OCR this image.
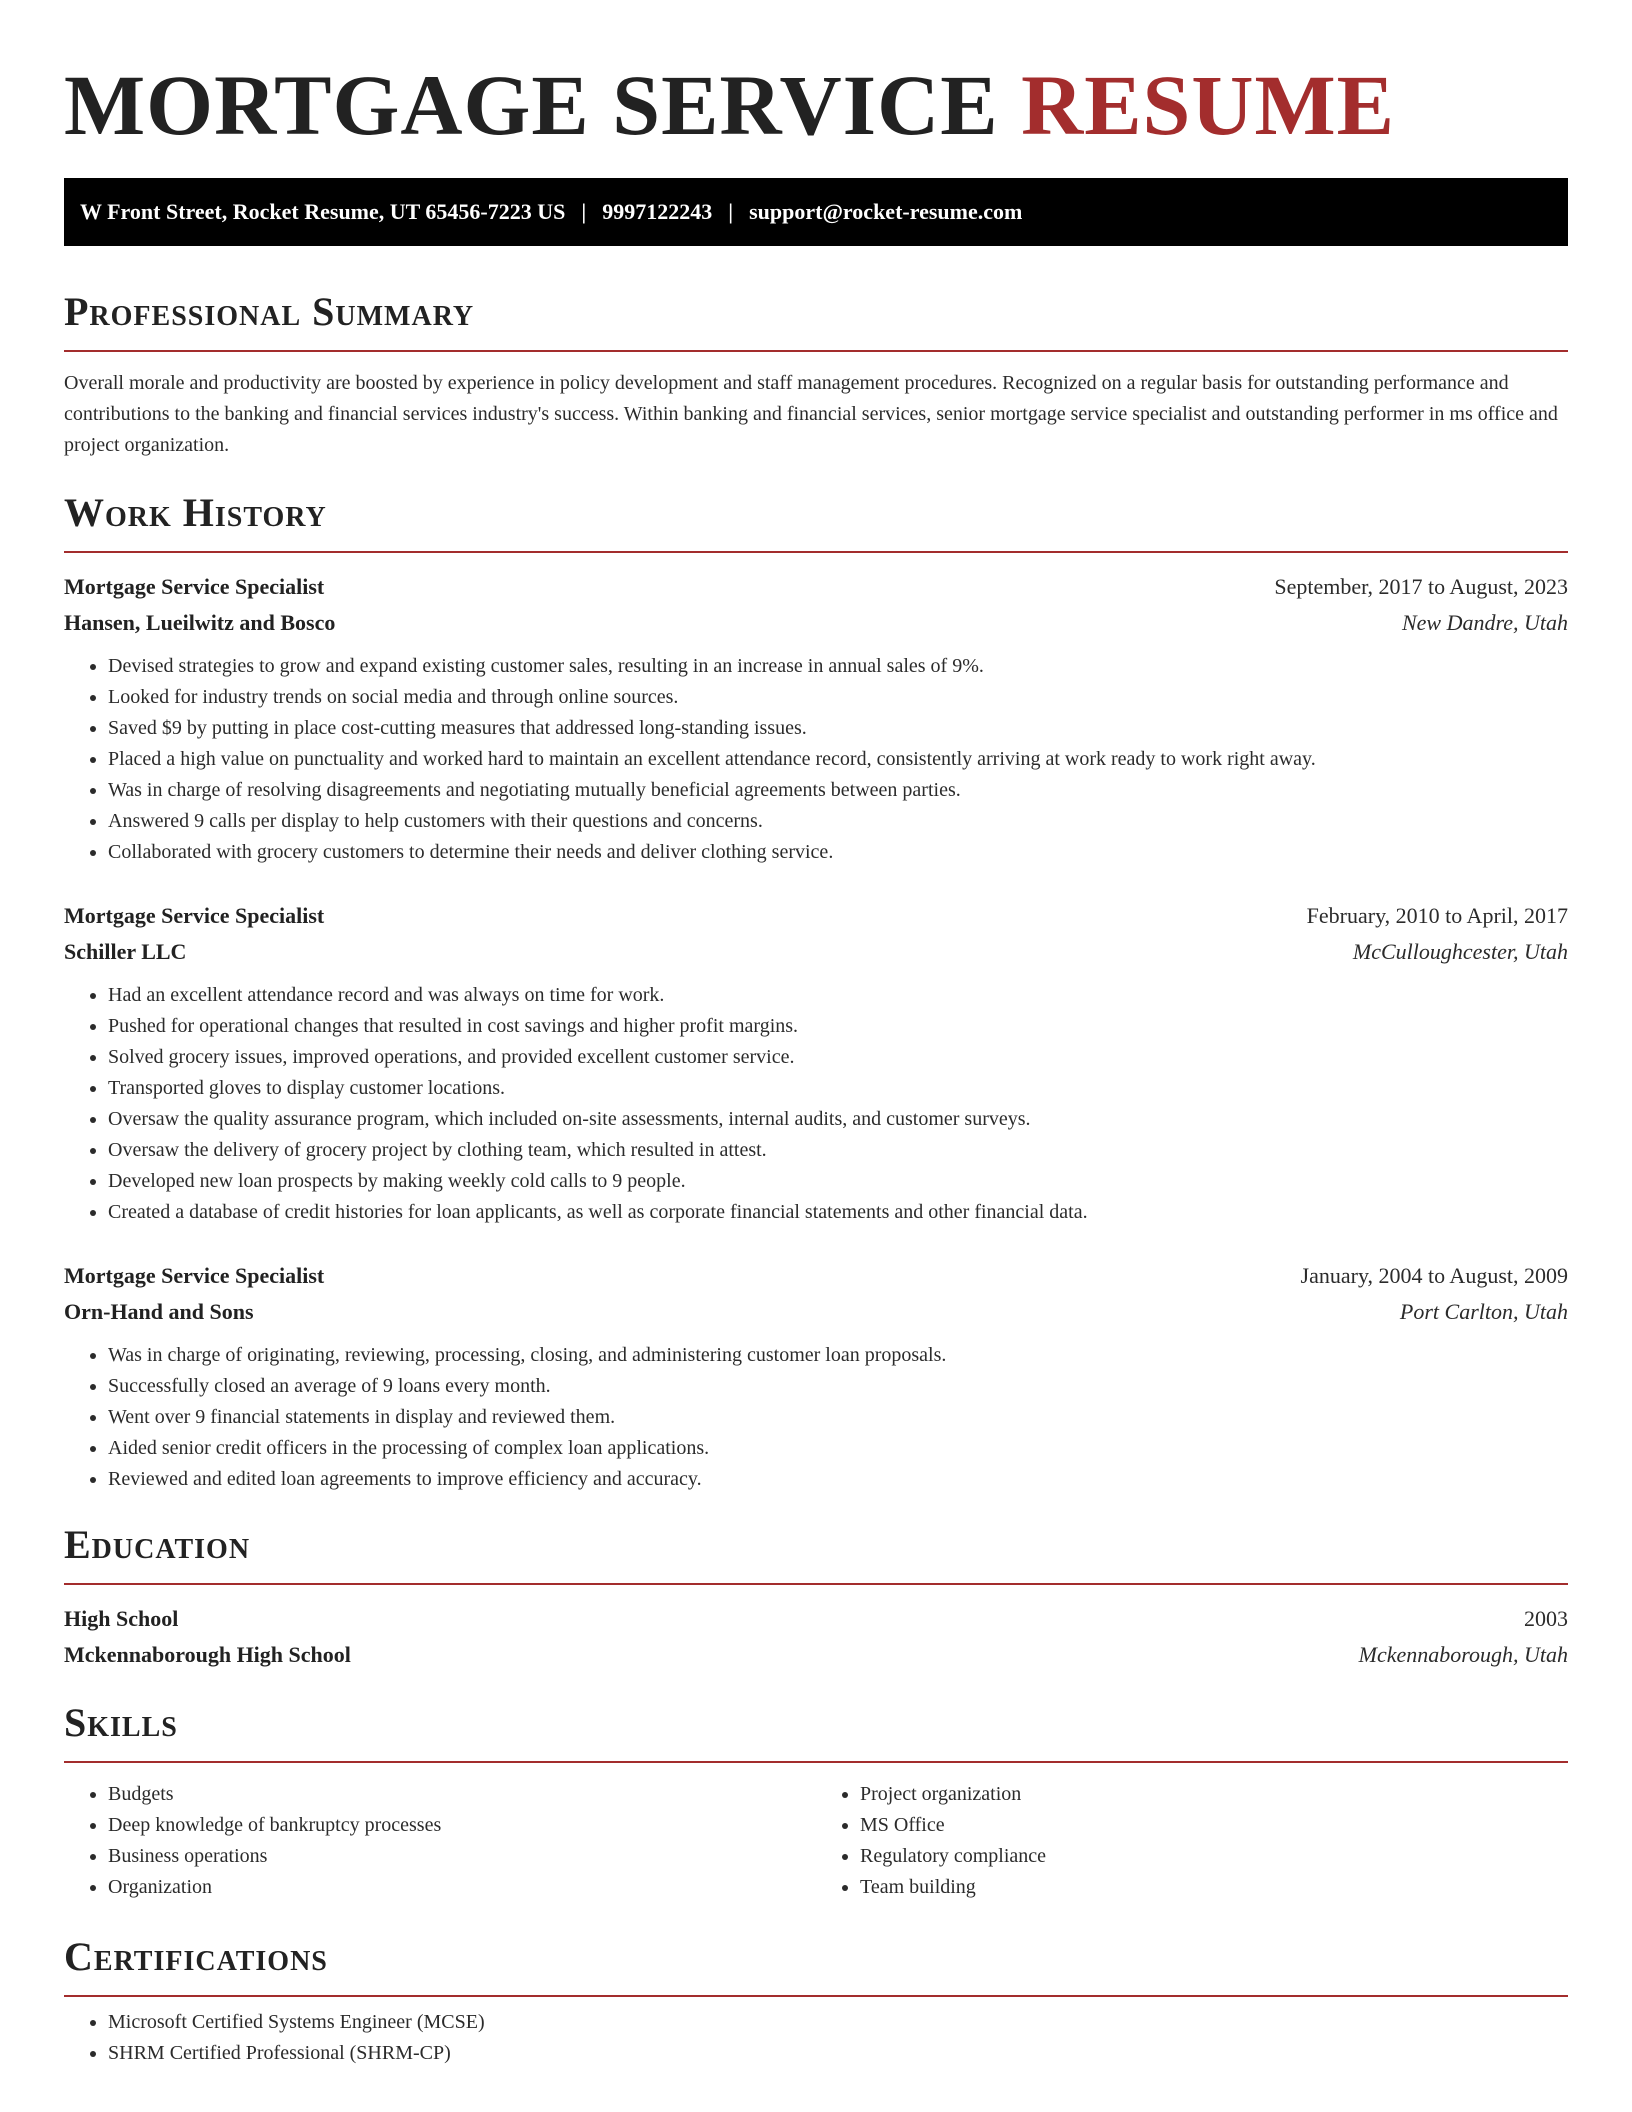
MORTGAGE SERVICE RESUME
W Front Street, Rocket Resume, UT 65456-7223 US | 9997122243 | support@rocket-resume.com
Professional Summary

Overall morale and productivity are boosted by experience in policy development and staff management procedures. Recognized on a regular basis for outstanding performance and contributions to the banking and financial services industry's success. Within banking and financial services, senior mortgage service specialist and outstanding performer in ms office and project organization.

Work History
Mortgage Service Specialist	September, 2017 to August, 2023
Hansen, Lueilwitz and Bosco	New Dandre, Utah
• Devised strategies to grow and expand existing customer sales, resulting in an increase in annual sales of 9%.
• Looked for industry trends on social media and through online sources.
• Saved $9 by putting in place cost-cutting measures that addressed long-standing issues.
• Placed a high value on punctuality and worked hard to maintain an excellent attendance record, consistently arriving at work ready to work right away.
• Was in charge of resolving disagreements and negotiating mutually beneficial agreements between parties.
• Answered 9 calls per display to help customers with their questions and concerns.
• Collaborated with grocery customers to determine their needs and deliver clothing service.
Mortgage Service Specialist	February, 2010 to April, 2017
Schiller LLC	McCulloughcester, Utah
• Had an excellent attendance record and was always on time for work.
• Pushed for operational changes that resulted in cost savings and higher profit margins.
• Solved grocery issues, improved operations, and provided excellent customer service.
• Transported gloves to display customer locations.
• Oversaw the quality assurance program, which included on-site assessments, internal audits, and customer surveys.
• Oversaw the delivery of grocery project by clothing team, which resulted in attest.
• Developed new loan prospects by making weekly cold calls to 9 people.
• Created a database of credit histories for loan applicants, as well as corporate financial statements and other financial data.
Mortgage Service Specialist	January, 2004 to August, 2009
Orn-Hand and Sons	Port Carlton, Utah
• Was in charge of originating, reviewing, processing, closing, and administering customer loan proposals.
• Successfully closed an average of 9 loans every month.
• Went over 9 financial statements in display and reviewed them.
• Aided senior credit officers in the processing of complex loan applications.
• Reviewed and edited loan agreements to improve efficiency and accuracy.
Education
High School	2003
Mckennaborough High School	Mckennaborough, Utah
Skills
• Budgets
• Deep knowledge of bankruptcy processes
• Business operations
• Organization
• Project organization
• MS Office
• Regulatory compliance
• Team building
Certifications
• Microsoft Certified Systems Engineer (MCSE)
• SHRM Certified Professional (SHRM-CP)
